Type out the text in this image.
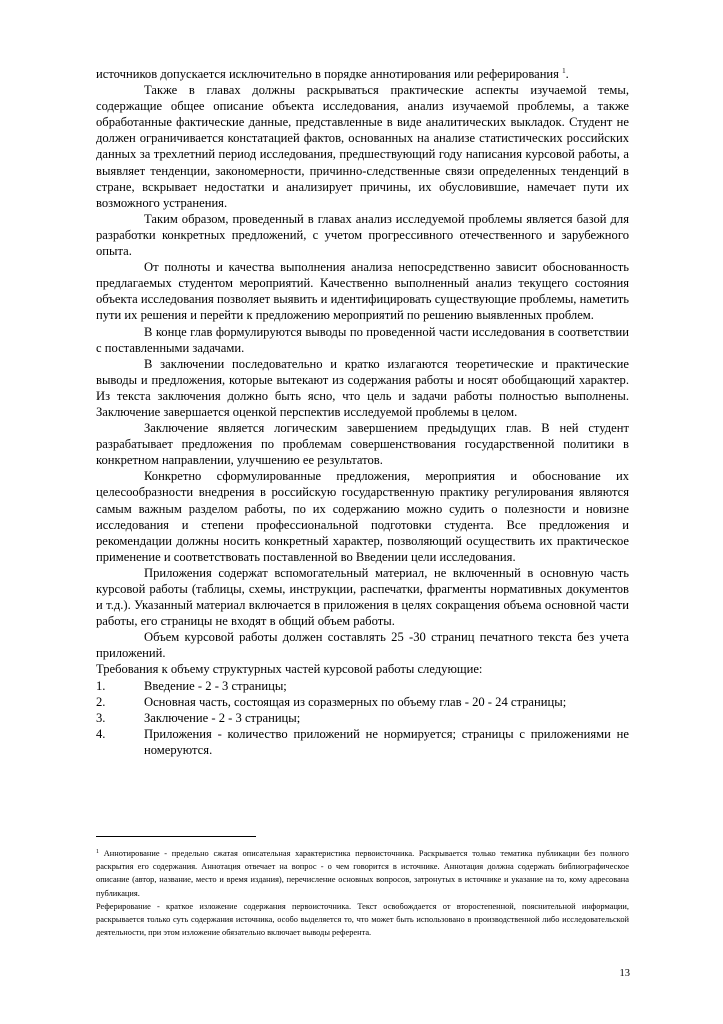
источников допускается исключительно в порядке аннотирования или реферирования $^1$.

Также в главах должны раскрываться практические аспекты изучаемой темы, содержащие общее описание объекта исследования, анализ изучаемой проблемы, а также обработанные фактические данные, представленные в виде аналитических выкладок. Студент не должен ограничивается констатацией фактов, основанных на анализе статистических российских данных за трехлетний период исследования, предшествующий году написания курсовой работы, а выявляет тенденции, закономерности, причинно-следственные связи определенных тенденций в стране, вскрывает недостатки и анализирует причины, их обусловившие, намечает пути их возможного устранения.

Таким образом, проведенный в главах анализ исследуемой проблемы является базой для разработки конкретных предложений, с учетом прогрессивного отечественного и зарубежного опыта.

От полноты и качества выполнения анализа непосредственно зависит обоснованность предлагаемых студентом мероприятий. Качественно выполненный анализ текущего состояния объекта исследования позволяет выявить и идентифицировать существующие проблемы, наметить пути их решения и перейти к предложению мероприятий по решению выявленных проблем.

В конце глав формулируются выводы по проведенной части исследования в соответствии с поставленными задачами.

В заключении последовательно и кратко излагаются теоретические и практические выводы и предложения, которые вытекают из содержания работы и носят обобщающий характер. Из текста заключения должно быть ясно, что цель и задачи работы полностью выполнены. Заключение завершается оценкой перспектив исследуемой проблемы в целом.

Заключение является логическим завершением предыдущих глав. В ней студент разрабатывает предложения по проблемам совершенствования государственной политики в конкретном направлении, улучшению ее результатов.

Конкретно сформулированные предложения, мероприятия и обоснование их целесообразности внедрения в российскую государственную практику регулирования являются самым важным разделом работы, по их содержанию можно судить о полезности и новизне исследования и степени профессиональной подготовки студента. Все предложения и рекомендации должны носить конкретный характер, позволяющий осуществить их практическое применение и соответствовать поставленной во Введении цели исследования.

Приложения содержат вспомогательный материал, не включенный в основную часть курсовой работы (таблицы, схемы, инструкции, распечатки, фрагменты нормативных документов и т.д.). Указанный материал включается в приложения в целях сокращения объема основной части работы, его страницы не входят в общий объем работы.

Объем курсовой работы должен составлять 25 -30 страниц печатного текста без учета приложений.

Требования к объему структурных частей курсовой работы следующие:

1.	Введение - 2 - 3 страницы;
2.	Основная часть, состоящая из соразмерных по объему глав - 20 - 24 страницы;
3.	Заключение - 2 - 3 страницы;
4.	Приложения - количество приложений не нормируется; страницы с приложениями не номеруются.

$^1$ Аннотирование - предельно сжатая описательная характеристика первоисточника. Раскрывается только тематика публикации без полного раскрытия его содержания. Аннотация отвечает на вопрос - о чем говорится в источнике. Аннотация должна содержать библиографическое описание (автор, название, место и время издания), перечисление основных вопросов, затронутых в источнике и указание на то, кому адресована публикация.

Реферирование - краткое изложение содержания первоисточника. Текст освобождается от второстепенной, пояснительной информации, раскрывается только суть содержания источника, особо выделяется то, что может быть использовано в производственной либо исследовательской деятельности, при этом изложение обязательно включает выводы референта.

13
